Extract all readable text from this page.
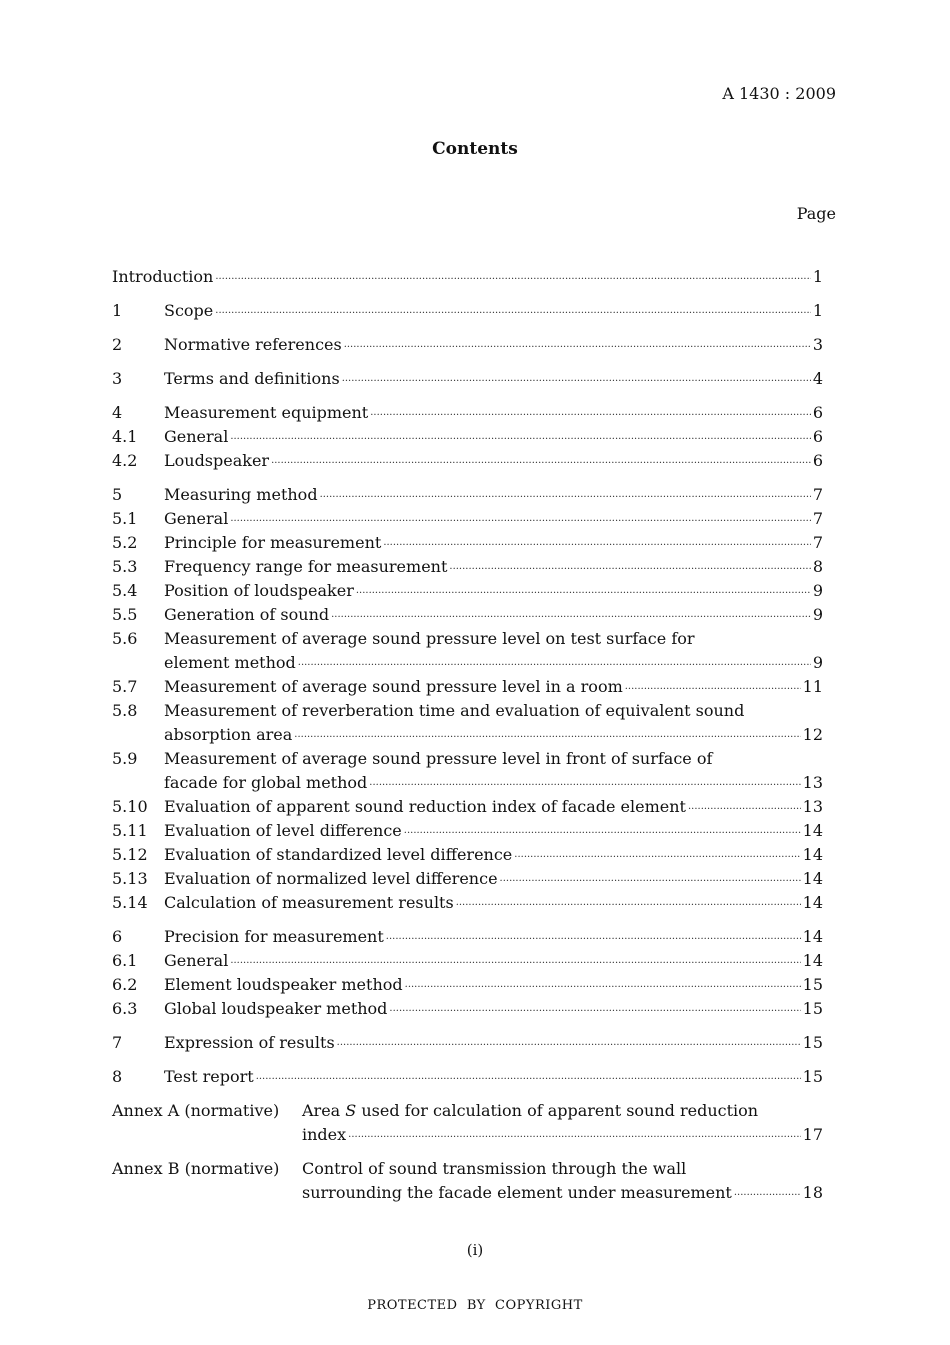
A 1430 : 2009
Contents
Page
Introduction ·····	1
1	Scope ·····	1
2	Normative references ·····	3
3	Terms and definitions ·····	4
4	Measurement equipment ·····	6
4.1	General ·····	6
4.2	Loudspeaker ·····	6
5	Measuring method ·····	7
5.1	General ·····	7
5.2	Principle for measurement ·····	7
5.3	Frequency range for measurement ·····	8
5.4	Position of loudspeaker ·····	9
5.5	Generation of sound ·····	9
5.6	Measurement of average sound pressure level on test surface for
element method ·····	9
5.7	Measurement of average sound pressure level in a room ·····	11
5.8	Measurement of reverberation time and evaluation of equivalent sound
absorption area ·····	12
5.9	Measurement of average sound pressure level in front of surface of
facade for global method ·····	13
5.10	Evaluation of apparent sound reduction index of facade element ·····	13
5.11	Evaluation of level difference ·····	14
5.12	Evaluation of standardized level difference ·····	14
5.13	Evaluation of normalized level difference ·····	14
5.14	Calculation of measurement results ·····	14
6	Precision for measurement ·····	14
6.1	General ·····	14
6.2	Element loudspeaker method ·····	15
6.3	Global loudspeaker method ·····	15
7	Expression of results ·····	15
8	Test report ·····	15
Annex A (normative)	Area S used for calculation of apparent sound reduction
index ·····	17
Annex B (normative)	Control of sound transmission through the wall
surrounding the facade element under measurement ·····	18
(i)
PROTECTED  BY  COPYRIGHT
